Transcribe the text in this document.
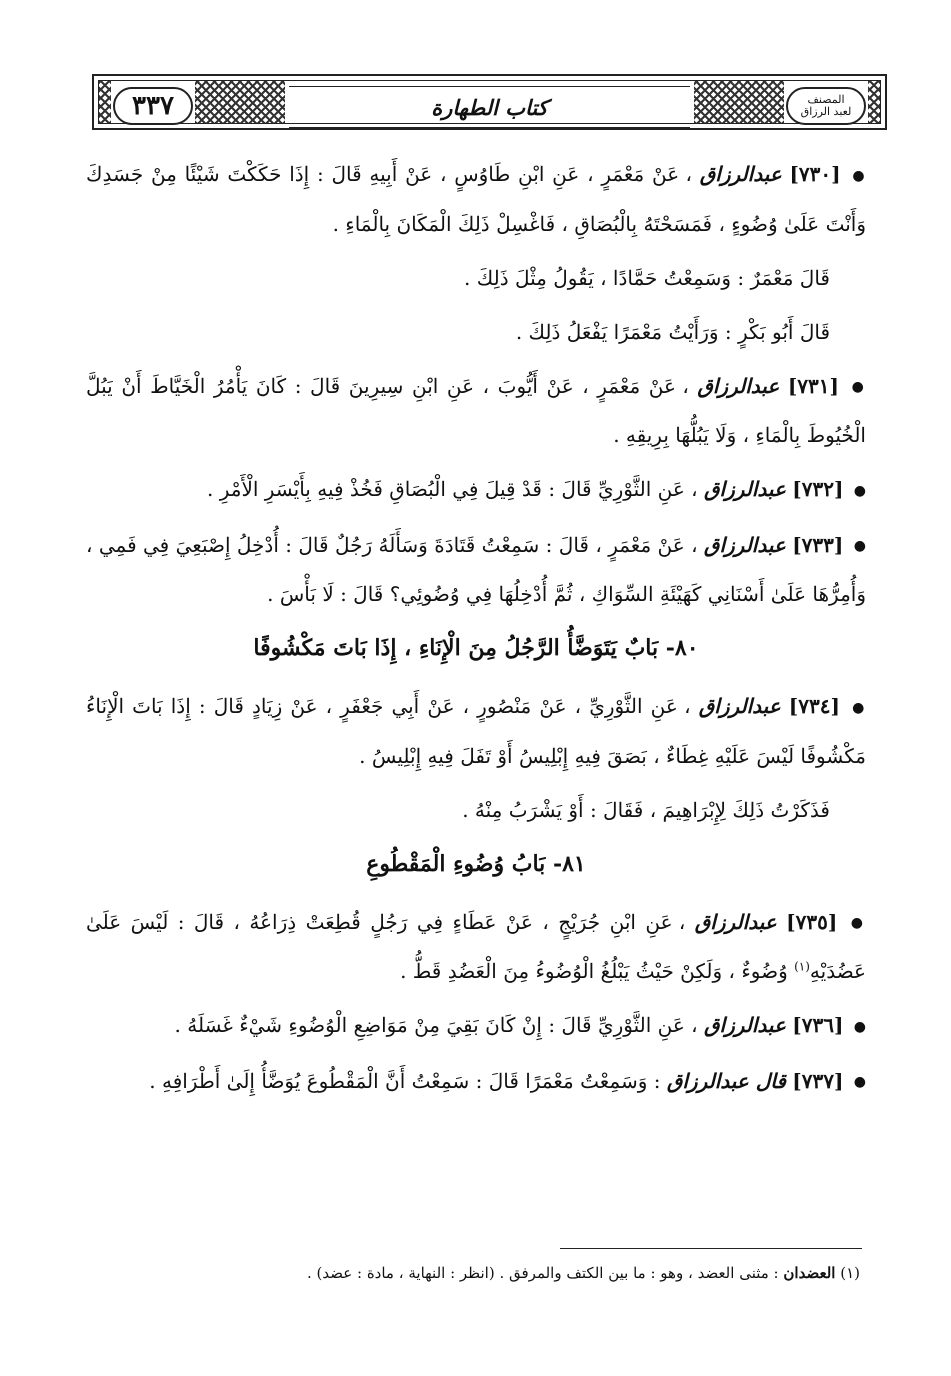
٣٣٧	كتاب الطهارة	المصنف
لعبد الرزاق

● [٧٣٠] عبدالرزاق ، عَنْ مَعْمَرٍ ، عَنِ ابْنِ طَاوُسٍ ، عَنْ أَبِيهِ قَالَ : إِذَا حَكَكْتَ شَيْئًا مِنْ جَسَدِكَ وَأَنْتَ عَلَىٰ وُضُوءٍ ، فَمَسَحْتَهُ بِالْبُصَاقِ ، فَاغْسِلْ ذَلِكَ الْمَكَانَ بِالْمَاءِ .

قَالَ مَعْمَرٌ : وَسَمِعْتُ حَمَّادًا ، يَقُولُ مِثْلَ ذَلِكَ .

قَالَ أَبُو بَكْرٍ : وَرَأَيْتُ مَعْمَرًا يَفْعَلُ ذَلِكَ .

● [٧٣١] عبدالرزاق ، عَنْ مَعْمَرٍ ، عَنْ أَيُّوبَ ، عَنِ ابْنِ سِيرِينَ قَالَ : كَانَ يَأْمُرُ الْخَيَّاطَ أَنْ يَبُلَّ الْخُيُوطَ بِالْمَاءِ ، وَلَا يَبُلُّهَا بِرِيقِهِ .

● [٧٣٢] عبدالرزاق ، عَنِ الثَّوْرِيِّ قَالَ : قَدْ قِيلَ فِي الْبُصَاقِ فَخُذْ فِيهِ بِأَيْسَرِ الْأَمْرِ .

● [٧٣٣] عبدالرزاق ، عَنْ مَعْمَرٍ ، قَالَ : سَمِعْتُ قَتَادَةَ وَسَأَلَهُ رَجُلٌ قَالَ : أُدْخِلُ إِصْبَعِيَ فِي فَمِي ، وَأُمِرُّهَا عَلَىٰ أَسْنَانِي كَهَيْئَةِ السِّوَاكِ ، ثُمَّ أُدْخِلُهَا فِي وُضُوئِي؟ قَالَ : لَا بَأْسَ .

٨٠- بَابٌ يَتَوَضَّأُ الرَّجُلُ مِنَ الْإِنَاءِ ، إِذَا بَاتَ مَكْشُوفًا

● [٧٣٤] عبدالرزاق ، عَنِ الثَّوْرِيِّ ، عَنْ مَنْصُورٍ ، عَنْ أَبِي جَعْفَرٍ ، عَنْ زِيَادٍ قَالَ : إِذَا بَاتَ الْإِنَاءُ مَكْشُوفًا لَيْسَ عَلَيْهِ غِطَاءٌ ، بَصَقَ فِيهِ إِبْلِيسُ أَوْ تَفَلَ فِيهِ إِبْلِيسُ .

فَذَكَرْتُ ذَلِكَ لِإِبْرَاهِيمَ ، فَقَالَ : أَوْ يَشْرَبُ مِنْهُ .

٨١- بَابُ وُضُوءِ الْمَقْطُوعِ

● [٧٣٥] عبدالرزاق ، عَنِ ابْنِ جُرَيْجٍ ، عَنْ عَطَاءٍ فِي رَجُلٍ قُطِعَتْ ذِرَاعُهُ ، قَالَ : لَيْسَ عَلَىٰ عَضُدَيْهِ$^{(١)}$ وُضُوءٌ ، وَلَكِنْ حَيْثُ يَبْلُغُ الْوُضُوءُ مِنَ الْعَضُدِ قَطُّ .

● [٧٣٦] عبدالرزاق ، عَنِ الثَّوْرِيِّ قَالَ : إِنْ كَانَ بَقِيَ مِنْ مَوَاضِعِ الْوُضُوءِ شَيْءٌ غَسَلَهُ .

● [٧٣٧] قال عبدالرزاق : وَسَمِعْتُ مَعْمَرًا قَالَ : سَمِعْتُ أَنَّ الْمَقْطُوعَ يُوَضَّأُ إِلَىٰ أَطْرَافِهِ .

(١) العضدان : مثنى العضد ، وهو : ما بين الكتف والمرفق . (انظر : النهاية ، مادة : عضد) .
